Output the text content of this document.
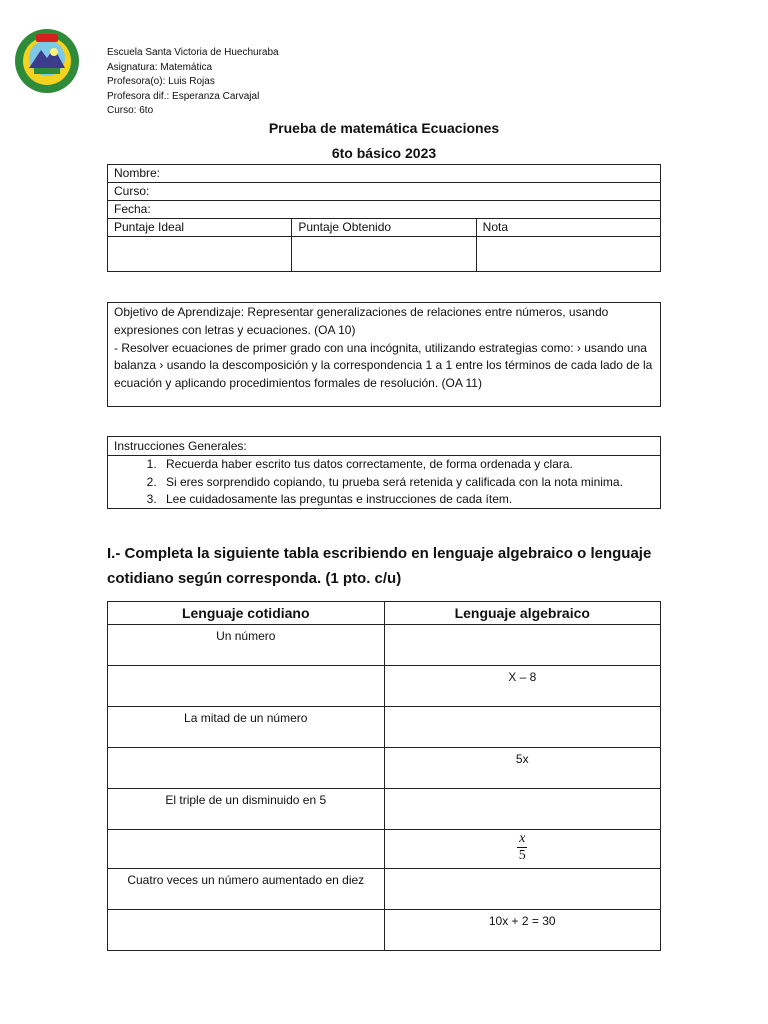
Escuela Santa Victoria de Huechuraba
Asignatura: Matemática
Profesora(o): Luis Rojas
Profesora dif.: Esperanza Carvajal
Curso: 6to
Prueba de matemática Ecuaciones
6to básico 2023
Nombre:		
Curso:		
Fecha:		
Puntaje Ideal	Puntaje Obtenido	Nota

Objetivo de Aprendizaje: Representar generalizaciones de relaciones entre números, usando expresiones con letras y ecuaciones. (OA 10)
- Resolver ecuaciones de primer grado con una incógnita, utilizando estrategias como: › usando una balanza › usando la descomposición y la correspondencia 1 a 1 entre los términos de cada lado de la ecuación y aplicando procedimientos formales de resolución. (OA 11)
Instrucciones Generales:
1. Recuerda haber escrito tus datos correctamente, de forma ordenada y clara.
2. Si eres sorprendido copiando, tu prueba será retenida y calificada con la nota minima.
3. Lee cuidadosamente las preguntas e instrucciones de cada ítem.
I.- Completa la siguiente tabla escribiendo en lenguaje algebraico o lenguaje cotidiano según corresponda. (1 pto. c/u)
Lenguaje cotidiano	Lenguaje algebraico
Un número	
	X – 8
La mitad de un número	
	5x
El triple de un disminuido en 5	

	$\frac{x}{5}$

Cuatro veces un número aumentado en diez	
	10x + 2 = 30
